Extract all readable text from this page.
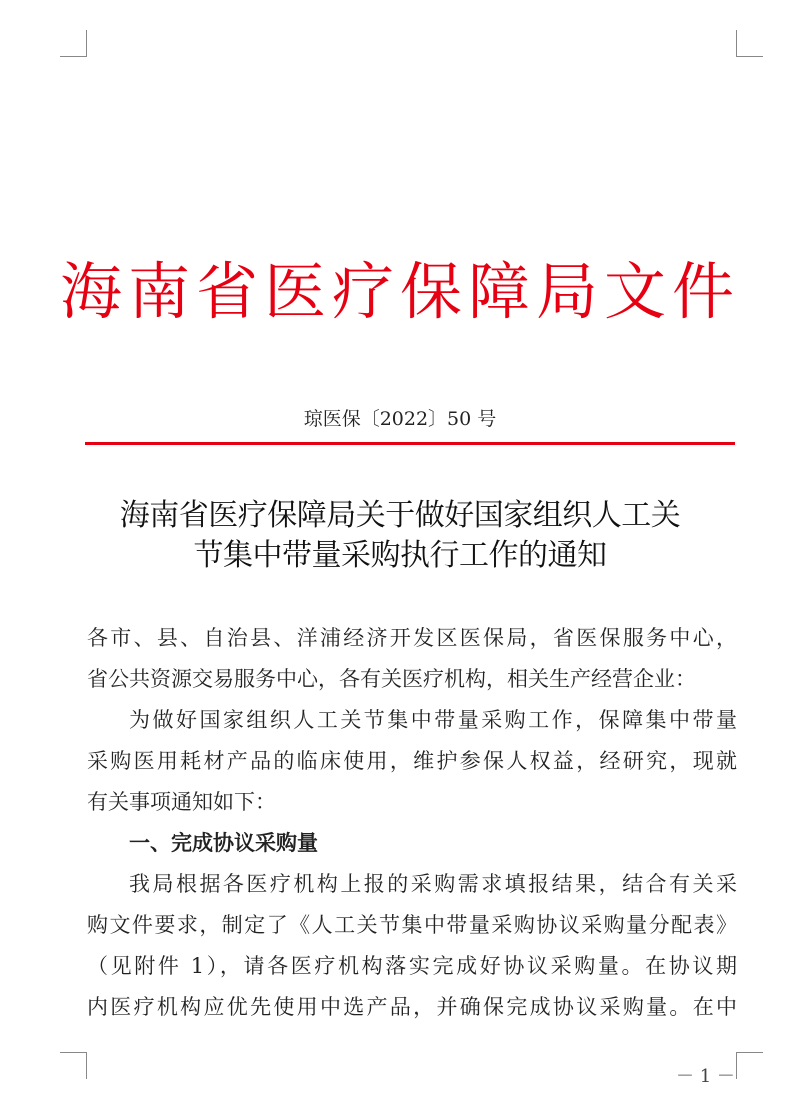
海南省医疗保障局文件
琼医保〔2022〕50 号
海南省医疗保障局关于做好国家组织人工关
节集中带量采购执行工作的通知
各市、县、自治县、洋浦经济开发区医保局，省医保服务中心，
省公共资源交易服务中心，各有关医疗机构，相关生产经营企业：
为做好国家组织人工关节集中带量采购工作，保障集中带量
采购医用耗材产品的临床使用，维护参保人权益，经研究，现就
有关事项通知如下：
一、完成协议采购量
我局根据各医疗机构上报的采购需求填报结果，结合有关采
购文件要求，制定了《人工关节集中带量采购协议采购量分配表》
（见附件 1），请各医疗机构落实完成好协议采购量。在协议期
内医疗机构应优先使用中选产品，并确保完成协议采购量。在中
－ 1 －
